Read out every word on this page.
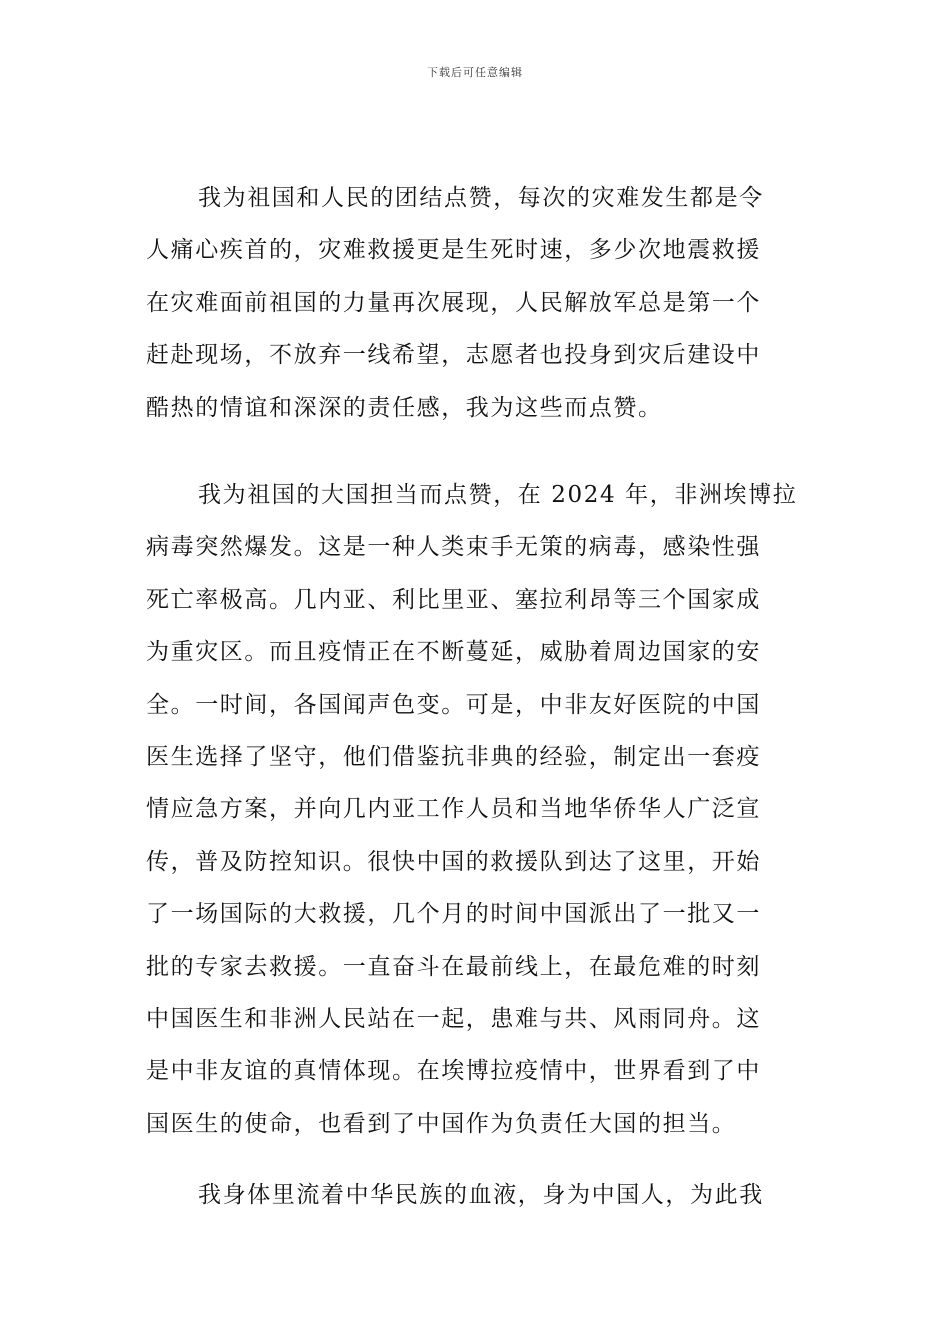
下载后可任意编辑
我为祖国和人民的团结点赞，每次的灾难发生都是令
人痛心疾首的，灾难救援更是生死时速，多少次地震救援
在灾难面前祖国的力量再次展现，人民解放军总是第一个
赶赴现场，不放弃一线希望，志愿者也投身到灾后建设中
酷热的情谊和深深的责任感，我为这些而点赞。
我为祖国的大国担当而点赞，在 2024 年，非洲埃博拉
病毒突然爆发。这是一种人类束手无策的病毒，感染性强
死亡率极高。几内亚、利比里亚、塞拉利昂等三个国家成
为重灾区。而且疫情正在不断蔓延，威胁着周边国家的安
全。一时间，各国闻声色变。可是，中非友好医院的中国
医生选择了坚守，他们借鉴抗非典的经验，制定出一套疫
情应急方案，并向几内亚工作人员和当地华侨华人广泛宣
传，普及防控知识。很快中国的救援队到达了这里，开始
了一场国际的大救援，几个月的时间中国派出了一批又一
批的专家去救援。一直奋斗在最前线上，在最危难的时刻
中国医生和非洲人民站在一起，患难与共、风雨同舟。这
是中非友谊的真情体现。在埃博拉疫情中，世界看到了中
国医生的使命，也看到了中国作为负责任大国的担当。
我身体里流着中华民族的血液，身为中国人，为此我
